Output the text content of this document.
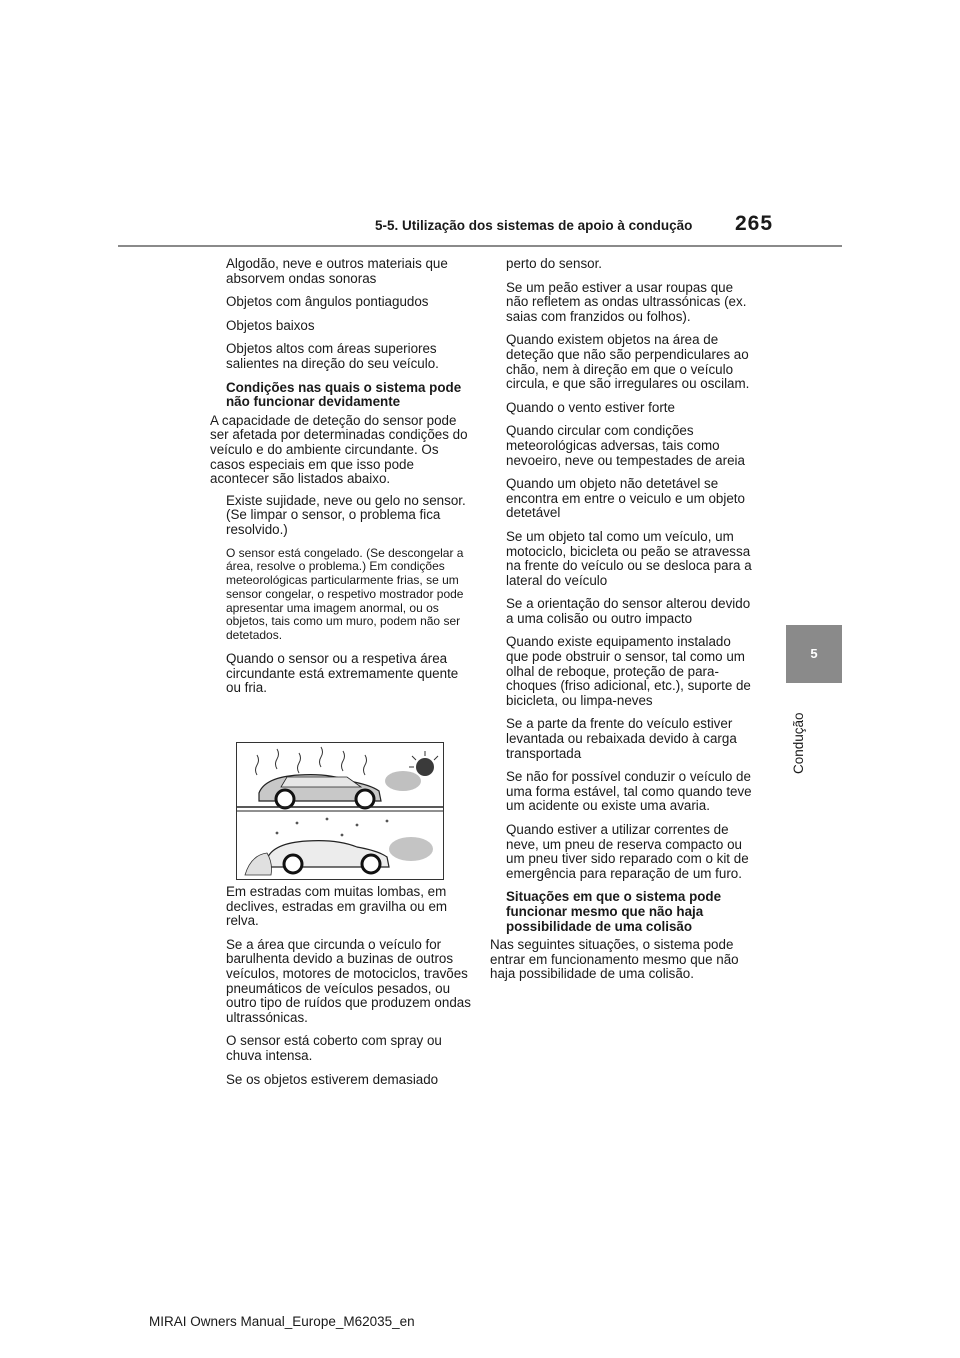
5-5. Utilização dos sistemas de apoio à condução 265
5
Condução

Algodão, neve e outros materiais que absorvem ondas sonoras

Objetos com ângulos pontiagudos

Objetos baixos

Objetos altos com áreas superiores salientes na direção do seu veículo.

Condições nas quais o sistema pode não funcionar devidamente

A capacidade de deteção do sensor pode ser afetada por determinadas condições do veículo e do ambiente circundante. Os casos especiais em que isso pode acontecer são listados abaixo.

Existe sujidade, neve ou gelo no sensor. (Se limpar o sensor, o problema fica resolvido.)

O sensor está congelado. (Se descongelar a área, resolve o problema.) Em condições meteorológicas particularmente frias, se um sensor congelar, o respetivo mostrador pode apresentar uma imagem anormal, ou os objetos, tais como um muro, podem não ser detetados.

Quando o sensor ou a respetiva área circundante está extremamente quente ou fria.

Em estradas com muitas lombas, em declives, estradas em gravilha ou em relva.

Se a área que circunda o veículo for barulhenta devido a buzinas de outros veículos, motores de motociclos, travões pneumáticos de veículos pesados, ou outro tipo de ruídos que produzem ondas ultrassónicas.

O sensor está coberto com spray ou chuva intensa.

Se os objetos estiverem demasiado

perto do sensor.

Se um peão estiver a usar roupas que não refletem as ondas ultrassónicas (ex. saias com franzidos ou folhos).

Quando existem objetos na área de deteção que não são perpendiculares ao chão, nem à direção em que o veículo circula, e que são irregulares ou oscilam.

Quando o vento estiver forte

Quando circular com condições meteorológicas adversas, tais como nevoeiro, neve ou tempestades de areia

Quando um objeto não detetável se encontra em entre o veiculo e um objeto detetável

Se um objeto tal como um veículo, um motociclo, bicicleta ou peão se atravessa na frente do veículo ou se desloca para a lateral do veículo

Se a orientação do sensor alterou devido a uma colisão ou outro impacto

Quando existe equipamento instalado que pode obstruir o sensor, tal como um olhal de reboque, proteção de para-choques (friso adicional, etc.), suporte de bicicleta, ou limpa-neves

Se a parte da frente do veículo estiver levantada ou rebaixada devido à carga transportada

Se não for possível conduzir o veículo de uma forma estável, tal como quando teve um acidente ou existe uma avaria.

Quando estiver a utilizar correntes de neve, um pneu de reserva compacto ou um pneu tiver sido reparado com o kit de emergência para reparação de um furo.

Situações em que o sistema pode funcionar mesmo que não haja possibilidade de uma colisão

Nas seguintes situações, o sistema pode entrar em funcionamento mesmo que não haja possibilidade de uma colisão.

MIRAI Owners Manual_Europe_M62035_en
